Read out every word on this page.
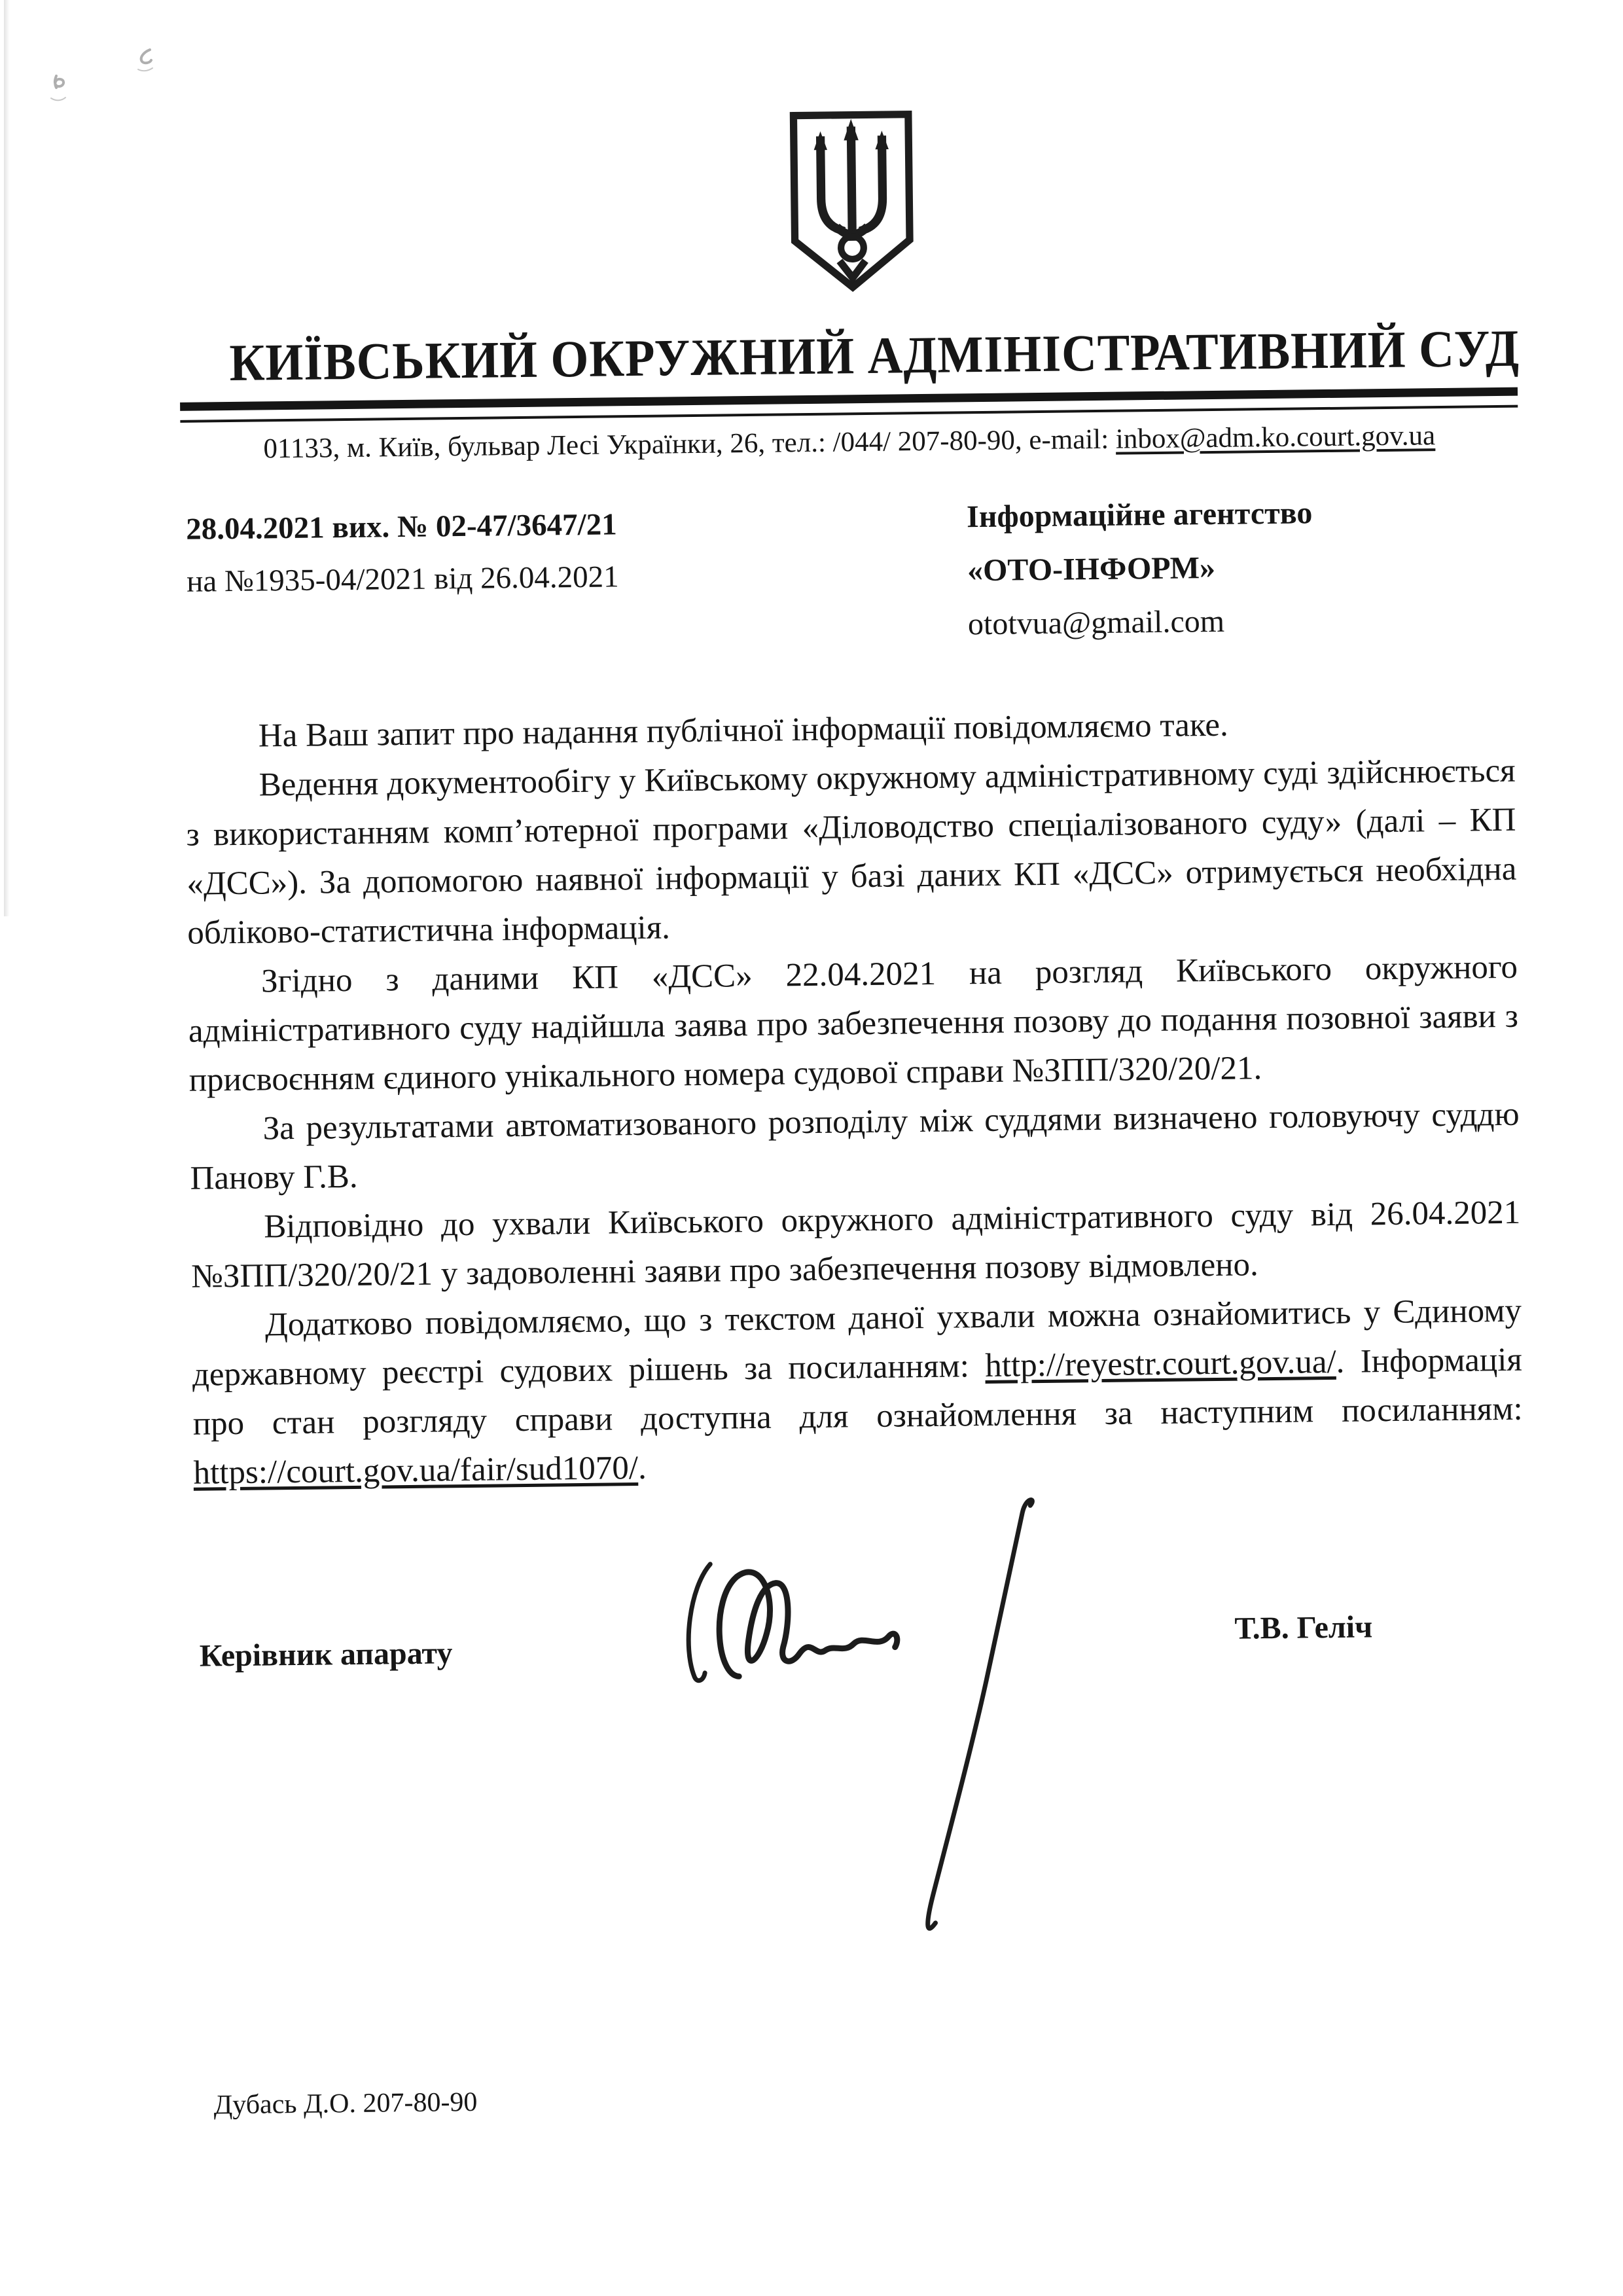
КИЇВСЬКИЙ ОКРУЖНИЙ АДМІНІСТРАТИВНИЙ СУД
01133, м. Київ, бульвар Лесі Українки, 26, тел.: /044/ 207-80-90, e-mail: inbox@adm.ko.court.gov.ua
28.04.2021 вих. № 02-47/3647/21
на №1935-04/2021 від 26.04.2021
Інформаційне агентство
«ОТО-ІНФОРМ»
ototvua@gmail.com

На Ваш запит про надання публічної інформації повідомляємо таке.

Ведення документообігу у Київському окружному адміністративному суді здійснюється з використанням комп’ютерної програми «Діловодство спеціалізованого суду» (далі – КП «ДСС»). За допомогою наявної інформації у базі даних КП «ДСС» отримується необхідна обліково-статистична інформація.

Згідно з даними КП «ДСС» 22.04.2021 на розгляд Київського окружного адміністративного суду надійшла заява про забезпечення позову до подання позовної заяви з присвоєнням єдиного унікального номера судової справи №ЗПП/320/20/21.

За результатами автоматизованого розподілу між суддями визначено головуючу суддю Панову Г.В.

Відповідно до ухвали Київського окружного адміністративного суду від 26.04.2021 №ЗПП/320/20/21 у задоволенні заяви про забезпечення позову відмовлено.

Додатково повідомляємо, що з текстом даної ухвали можна ознайомитись у Єдиному державному реєстрі судових рішень за посиланням: http://reyestr.court.gov.ua/. Інформація про стан розгляду справи доступна для ознайомлення за наступним посиланням: https://court.gov.ua/fair/sud1070/.

Керівник апарату
Т.В. Геліч
Дубась Д.О. 207-80-90
